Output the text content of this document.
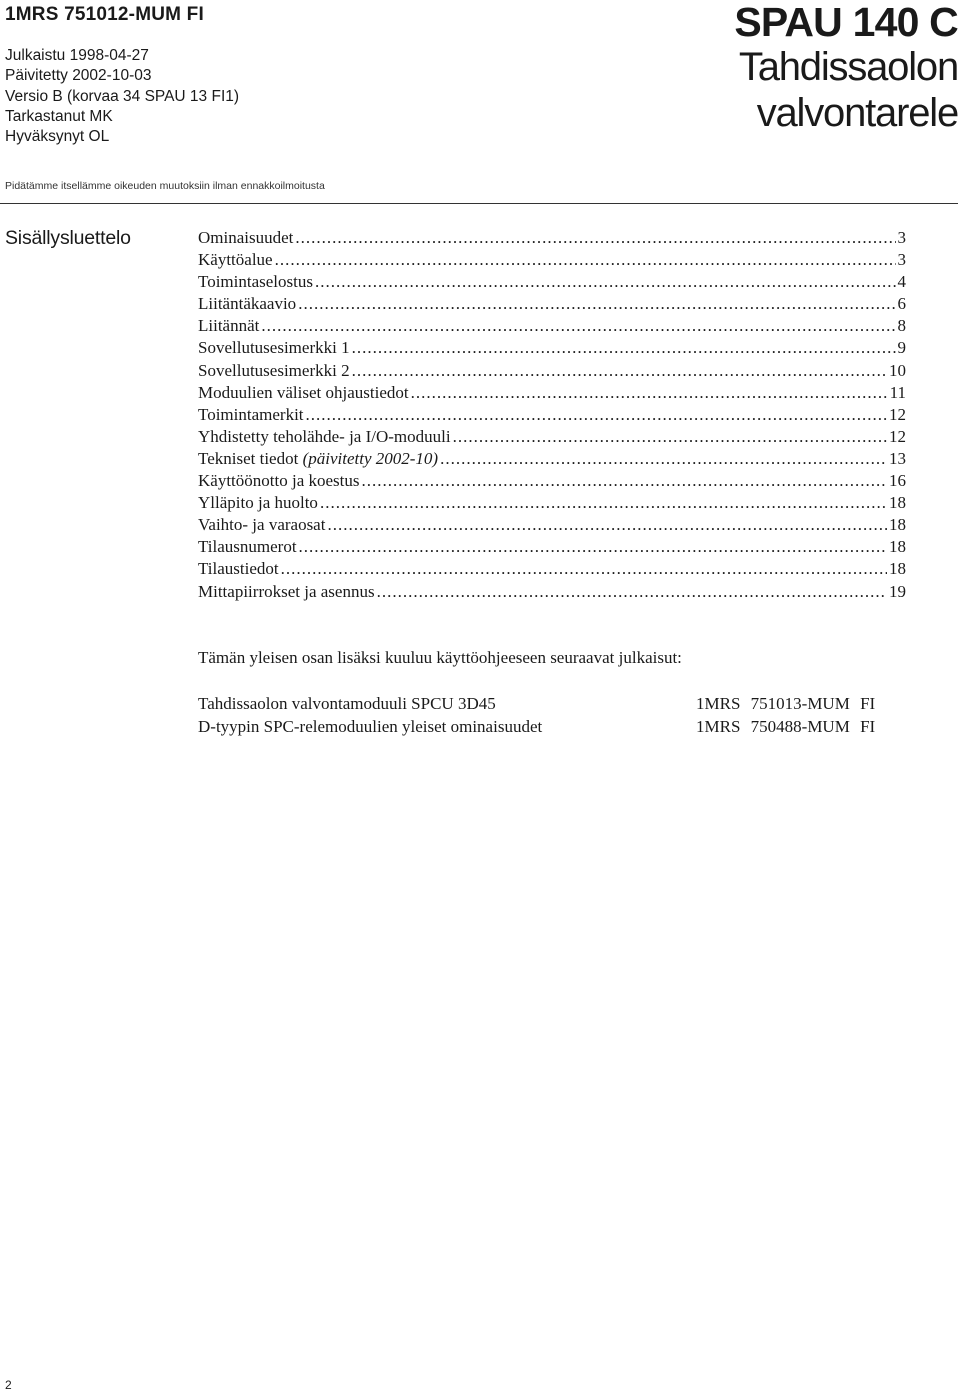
1MRS 751012-MUM FI
Julkaistu 1998-04-27
Päivitetty 2002-10-03
Versio B (korvaa 34 SPAU 13 FI1)
Tarkastanut MK
Hyväksynyt OL
SPAU 140 C
Tahdissaolon
valvontarele
Pidätämme itsellämme oikeuden muutoksiin ilman ennakkoilmoitusta
Sisällysluettelo	Ominaisuudet .....	3
Käyttöalue .....	3
Toimintaselostus .....	4
Liitäntäkaavio .....	6
Liitännät .....	8
Sovellutusesimerkki 1 .....	9
Sovellutusesimerkki 2 .....	10
Moduulien väliset ohjaustiedot .....	11
Toimintamerkit .....	12
Yhdistetty teholähde- ja I/O-moduuli .....	12
Tekniset tiedot (päivitetty 2002-10) .....	13
Käyttöönotto ja koestus .....	16
Ylläpito ja huolto .....	18
Vaihto- ja varaosat .....	18
Tilausnumerot .....	18
Tilaustiedot .....	18
Mittapiirrokset ja asennus .....	19
Tämän yleisen osan lisäksi kuuluu käyttöohjeeseen seuraavat julkaisut:
Tahdissaolon valvontamoduuli SPCU 3D45	1MRS 751013-MUM FI
D-tyypin SPC-relemoduulien yleiset ominaisuudet	1MRS 750488-MUM FI
2
